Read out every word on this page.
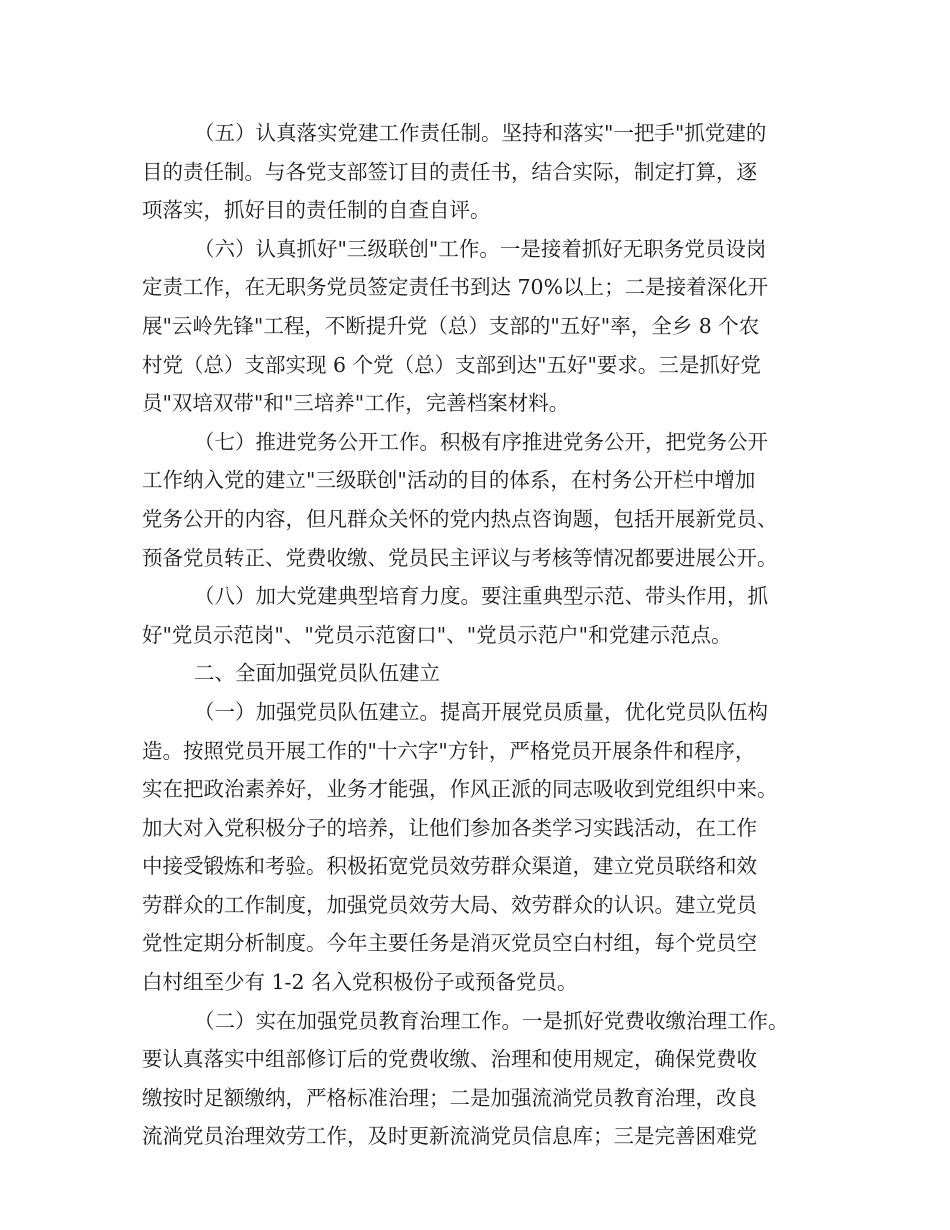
（五）认真落实党建工作责任制。坚持和落实"一把手"抓党建的
目的责任制。与各党支部签订目的责任书，结合实际，制定打算，逐
项落实，抓好目的责任制的自查自评。
（六）认真抓好"三级联创"工作。一是接着抓好无职务党员设岗
定责工作，在无职务党员签定责任书到达 70%以上；二是接着深化开
展"云岭先锋"工程，不断提升党（总）支部的"五好"率，全乡 8 个农
村党（总）支部实现 6 个党（总）支部到达"五好"要求。三是抓好党
员"双培双带"和"三培养"工作，完善档案材料。
（七）推进党务公开工作。积极有序推进党务公开，把党务公开
工作纳入党的建立"三级联创"活动的目的体系，在村务公开栏中增加
党务公开的内容，但凡群众关怀的党内热点咨询题，包括开展新党员、
预备党员转正、党费收缴、党员民主评议与考核等情况都要进展公开。
（八）加大党建典型培育力度。要注重典型示范、带头作用，抓
好"党员示范岗"、"党员示范窗口"、"党员示范户"和党建示范点。
二、全面加强党员队伍建立
（一）加强党员队伍建立。提高开展党员质量，优化党员队伍构
造。按照党员开展工作的"十六字"方针，严格党员开展条件和程序，
实在把政治素养好，业务才能强，作风正派的同志吸收到党组织中来。
加大对入党积极分子的培养，让他们参加各类学习实践活动，在工作
中接受锻炼和考验。积极拓宽党员效劳群众渠道，建立党员联络和效
劳群众的工作制度，加强党员效劳大局、效劳群众的认识。建立党员
党性定期分析制度。今年主要任务是消灭党员空白村组，每个党员空
白村组至少有 1-2 名入党积极份子或预备党员。
（二）实在加强党员教育治理工作。一是抓好党费收缴治理工作。
要认真落实中组部修订后的党费收缴、治理和使用规定，确保党费收
缴按时足额缴纳，严格标准治理；二是加强流淌党员教育治理，改良
流淌党员治理效劳工作，及时更新流淌党员信息库；三是完善困难党
